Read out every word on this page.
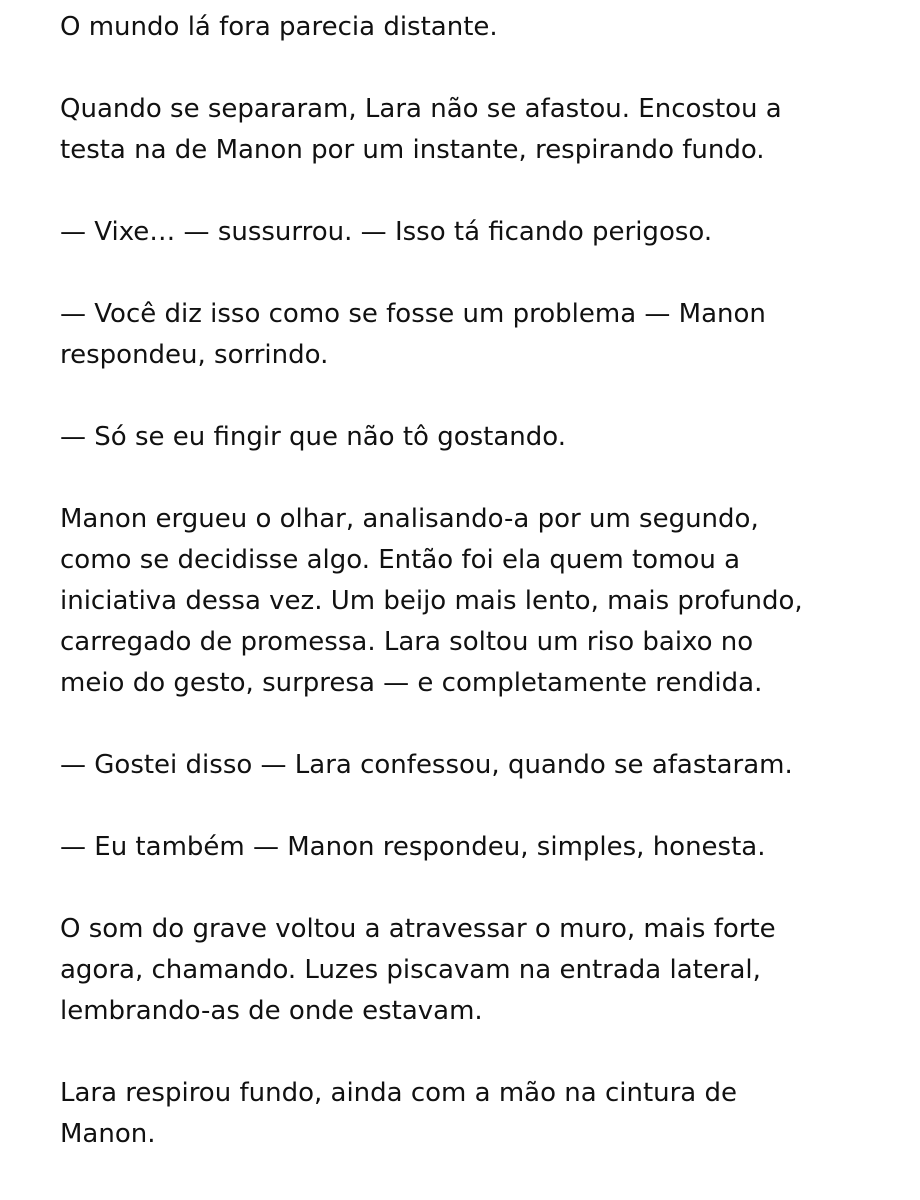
O mundo lá fora parecia distante.

Quando se separaram, Lara não se afastou. Encostou a
testa na de Manon por um instante, respirando fundo.

— Vixe… — sussurrou. — Isso tá ficando perigoso.

— Você diz isso como se fosse um problema — Manon
respondeu, sorrindo.

— Só se eu fingir que não tô gostando.

Manon ergueu o olhar, analisando-a por um segundo,
como se decidisse algo. Então foi ela quem tomou a
iniciativa dessa vez. Um beijo mais lento, mais profundo,
carregado de promessa. Lara soltou um riso baixo no
meio do gesto, surpresa — e completamente rendida.

— Gostei disso — Lara confessou, quando se afastaram.

— Eu também — Manon respondeu, simples, honesta.

O som do grave voltou a atravessar o muro, mais forte
agora, chamando. Luzes piscavam na entrada lateral,
lembrando-as de onde estavam.

Lara respirou fundo, ainda com a mão na cintura de
Manon.
